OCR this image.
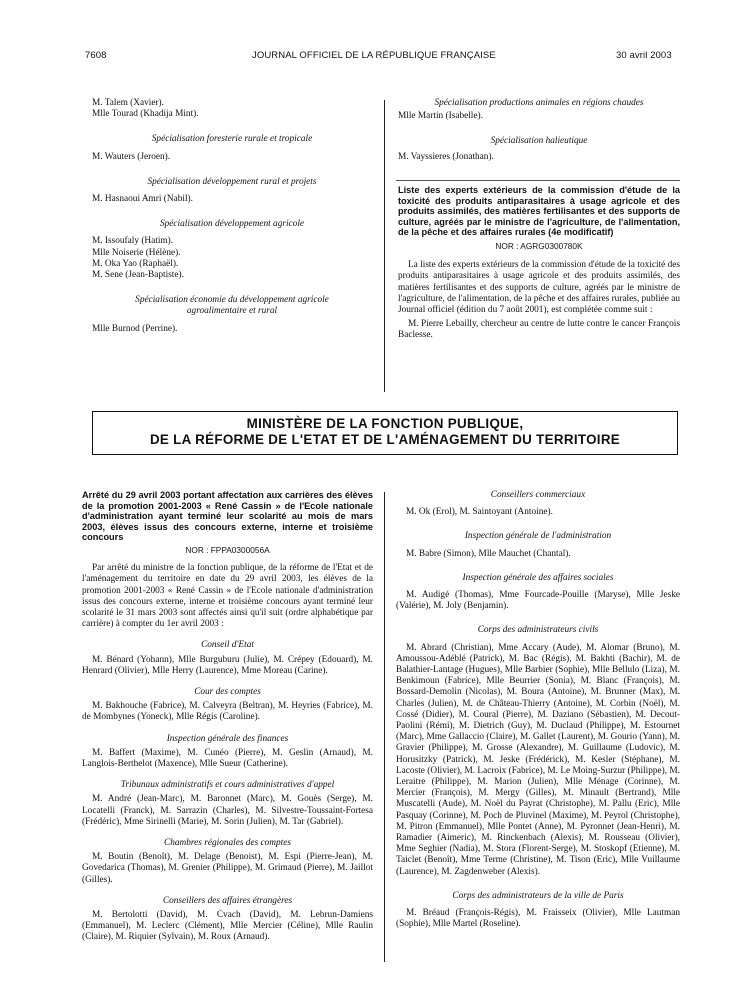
7608	JOURNAL OFFICIEL DE LA RÉPUBLIQUE FRANÇAISE	30 avril 2003

M. Talem (Xavier).

Mlle Tourad (Khadija Mint).

Spécialisation foresterie rurale et tropicale

M. Wauters (Jeroen).

Spécialisation développement rural et projets

M. Hasnaoui Amri (Nabil).

Spécialisation développement agricole

M. Issoufaly (Hatim).

Mlle Noiserie (Hélène).

M. Oka Yao (Raphaël).

M. Sene (Jean-Baptiste).

Spécialisation économie du développement agricole

agroalimentaire et rural

Mlle Burnod (Perrine).

Spécialisation productions animales en régions chaudes

Mlle Martin (Isabelle).

Spécialisation halieutique

M. Vayssieres (Jonathan).

Liste des experts extérieurs de la commission d'étude de la toxicité des produits antiparasitaires à usage agricole et des produits assimilés, des matières fertilisantes et des supports de culture, agréés par le ministre de l'agriculture, de l'alimentation, de la pêche et des affaires rurales (4e modificatif)

NOR : AGRG0300780K

La liste des experts extérieurs de la commission d'étude de la toxicité des produits antiparasitaires à usage agricole et des produits assimilés, des matières fertilisantes et des supports de culture, agréés par le ministre de l'agriculture, de l'alimentation, de la pêche et des affaires rurales, publiée au Journal officiel (édition du 7 août 2001), est complétée comme suit :

M. Pierre Lebailly, chercheur au centre de lutte contre le cancer François Baclesse.

MINISTÈRE DE LA FONCTION PUBLIQUE,
DE LA RÉFORME DE L'ETAT ET DE L'AMÉNAGEMENT DU TERRITOIRE

Arrêté du 29 avril 2003 portant affectation aux carrières des élèves de la promotion 2001-2003 « René Cassin » de l'Ecole nationale d'administration ayant terminé leur scolarité au mois de mars 2003, élèves issus des concours externe, interne et troisième concours

NOR : FPPA0300056A

Par arrêté du ministre de la fonction publique, de la réforme de l'Etat et de l'aménagement du territoire en date du 29 avril 2003, les élèves de la promotion 2001-2003 « René Cassin » de l'Ecole nationale d'administration issus des concours externe, interne et troisième concours ayant terminé leur scolarité le 31 mars 2003 sont affectés ainsi qu'il suit (ordre alphabétique par carrière) à compter du 1er avril 2003 :

Conseil d'Etat

M. Bénard (Yohann), Mlle Burguburu (Julie), M. Crépey (Edouard), M. Henrard (Olivier), Mlle Herry (Laurence), Mme Moreau (Carine).

Cour des comptes

M. Bakhouche (Fabrice), M. Calveyra (Beltran), M. Heyries (Fabrice), M. de Mombynes (Yoneck), Mlle Régis (Caroline).

Inspection générale des finances

M. Baffert (Maxime), M. Cunéo (Pierre), M. Geslin (Arnaud), M. Langlois-Berthelot (Maxence), Mlle Sueur (Catherine).

Tribunaux administratifs et cours administratives d'appel

M. André (Jean-Marc), M. Baronnet (Marc), M. Gouès (Serge), M. Locatelli (Franck), M. Sarrazin (Charles), M. Silvestre-Toussaint-Fortesa (Frédéric), Mme Sirinelli (Marie), M. Sorin (Julien), M. Tar (Gabriel).

Chambres régionales des comptes

M. Boutin (Benoît), M. Delage (Benoist), M. Espi (Pierre-Jean), M. Govedarica (Thomas), M. Grenier (Philippe), M. Grimaud (Pierre), M. Jaillot (Gilles).

Conseillers des affaires étrangères

M. Bertolotti (David), M. Cvach (David), M. Lebrun-Damiens (Emmanuel), M. Leclerc (Clément), Mlle Mercier (Céline), Mlle Raulin (Claire), M. Riquier (Sylvain), M. Roux (Arnaud).

Conseillers commerciaux

M. Ok (Erol), M. Saintoyant (Antoine).

Inspection générale de l'administration

M. Babre (Simon), Mlle Mauchet (Chantal).

Inspection générale des affaires sociales

M. Audigé (Thomas), Mme Fourcade-Pouille (Maryse), Mlle Jeske (Valérie), M. Joly (Benjamin).

Corps des administrateurs civils

M. Abrard (Christian), Mme Accary (Aude), M. Alomar (Bruno), M. Amoussou-Adéblé (Patrick), M. Bac (Régis), M. Bakhti (Bachir), M. de Balathier-Lantage (Hugues), Mlle Barbier (Sophie), Mlle Bellulo (Liza), M. Benkimoun (Fabrice), Mlle Beurrier (Sonia), M. Blanc (François), M. Bossard-Demolin (Nicolas), M. Boura (Antoine), M. Brunner (Max), M. Charles (Julien), M. de Château-Thierry (Antoine), M. Corbin (Noël), M. Cossé (Didier), M. Coural (Pierre), M. Daziano (Sébastien), M. Decout-Paolini (Rémi), M. Dietrich (Guy), M. Duclaud (Philippe), M. Estournet (Marc), Mme Gallaccio (Claire), M. Gallet (Laurent), M. Gourio (Yann), M. Gravier (Philippe), M. Grosse (Alexandre), M. Guillaume (Ludovic), M. Horusitzky (Patrick), M. Jeske (Frédérick), M. Kesler (Stéphane), M. Lacoste (Olivier), M. Lacroix (Fabrice), M. Le Moing-Surzur (Philippe), M. Leraitre (Philippe), M. Marion (Julien), Mlle Ménage (Corinne), M. Mercier (François), M. Mergy (Gilles), M. Minault (Bertrand), Mlle Muscatelli (Aude), M. Noël du Payrat (Christophe), M. Pallu (Eric), Mlle Pasquay (Corinne), M. Poch de Pluvinel (Maxime), M. Peyrol (Christophe), M. Pitron (Emmanuel), Mlle Pontet (Anne), M. Pyronnet (Jean-Henri), M. Ramadier (Aimeric), M. Rinckenbach (Alexis), M. Rousseau (Olivier), Mme Seghier (Nadia), M. Stora (Florent-Serge), M. Stoskopf (Etienne), M. Taiclet (Benoît), Mme Terme (Christine), M. Tison (Eric), Mlle Vuillaume (Laurence), M. Zagdenweber (Alexis).

Corps des administrateurs de la ville de Paris

M. Bréaud (François-Régis), M. Fraisseix (Olivier), Mlle Lautman (Sophie), Mlle Martel (Roseline).
